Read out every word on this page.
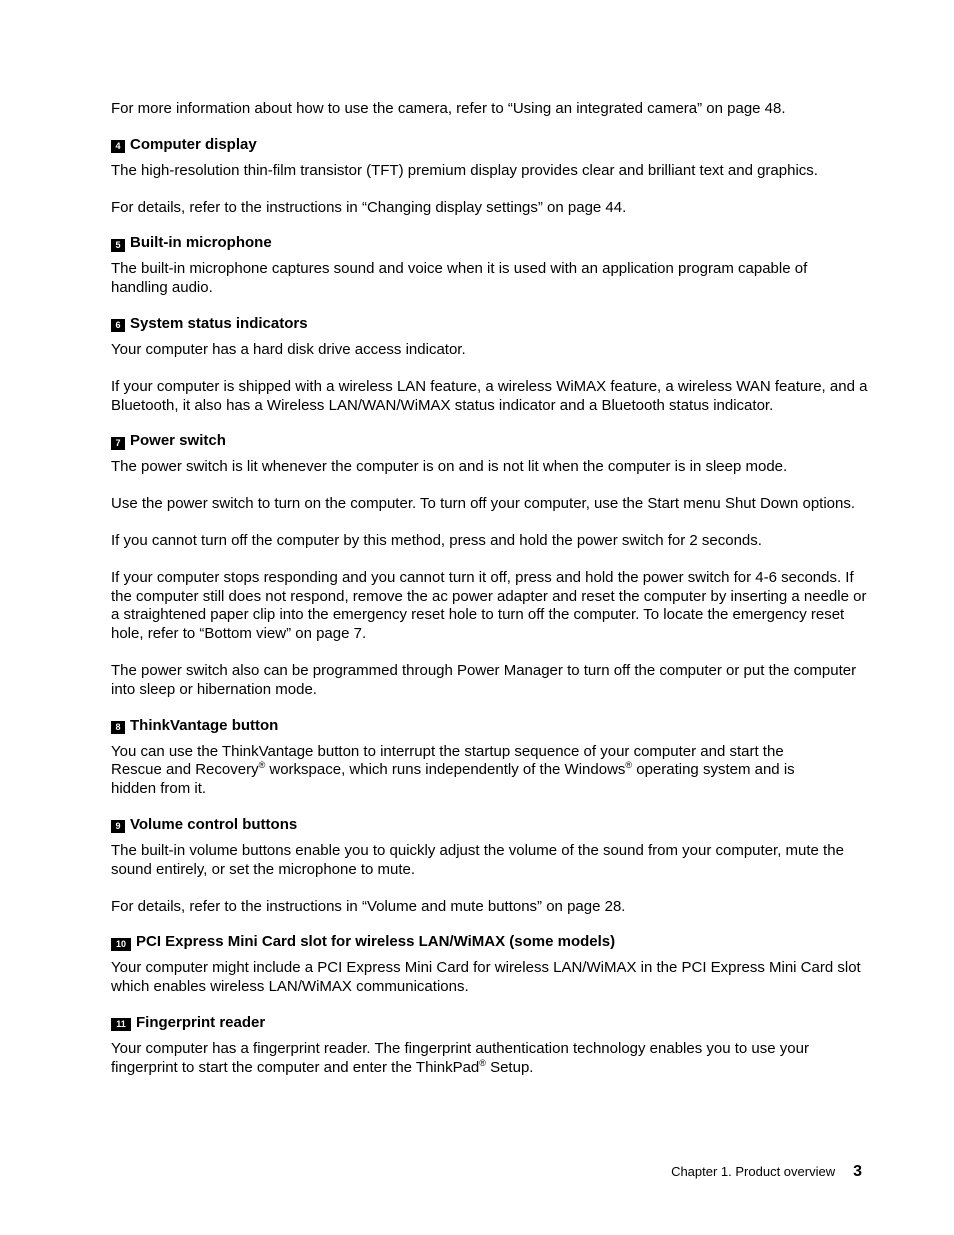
For more information about how to use the camera, refer to “Using an integrated camera” on page 48.

4 Computer display

The high-resolution thin-film transistor (TFT) premium display provides clear and brilliant text and graphics.

For details, refer to the instructions in “Changing display settings” on page 44.

5 Built-in microphone

The built-in microphone captures sound and voice when it is used with an application program capable of handling audio.

6 System status indicators

Your computer has a hard disk drive access indicator.

If your computer is shipped with a wireless LAN feature, a wireless WiMAX feature, a wireless WAN feature, and a Bluetooth, it also has a Wireless LAN/WAN/WiMAX status indicator and a Bluetooth status indicator.

7 Power switch

The power switch is lit whenever the computer is on and is not lit when the computer is in sleep mode.

Use the power switch to turn on the computer. To turn off your computer, use the Start menu Shut Down options.

If you cannot turn off the computer by this method, press and hold the power switch for 2 seconds.

If your computer stops responding and you cannot turn it off, press and hold the power switch for 4-6 seconds. If the computer still does not respond, remove the ac power adapter and reset the computer by inserting a needle or a straightened paper clip into the emergency reset hole to turn off the computer. To locate the emergency reset hole, refer to “Bottom view” on page 7.

The power switch also can be programmed through Power Manager to turn off the computer or put the computer into sleep or hibernation mode.

8 ThinkVantage button

You can use the ThinkVantage button to interrupt the startup sequence of your computer and start the Rescue and Recovery® workspace, which runs independently of the Windows® operating system and is hidden from it.

9 Volume control buttons

The built-in volume buttons enable you to quickly adjust the volume of the sound from your computer, mute the sound entirely, or set the microphone to mute.

For details, refer to the instructions in “Volume and mute buttons” on page 28.

10 PCI Express Mini Card slot for wireless LAN/WiMAX (some models)

Your computer might include a PCI Express Mini Card for wireless LAN/WiMAX in the PCI Express Mini Card slot which enables wireless LAN/WiMAX communications.

11 Fingerprint reader

Your computer has a fingerprint reader. The fingerprint authentication technology enables you to use your fingerprint to start the computer and enter the ThinkPad® Setup.

Chapter 1. Product overview 3
